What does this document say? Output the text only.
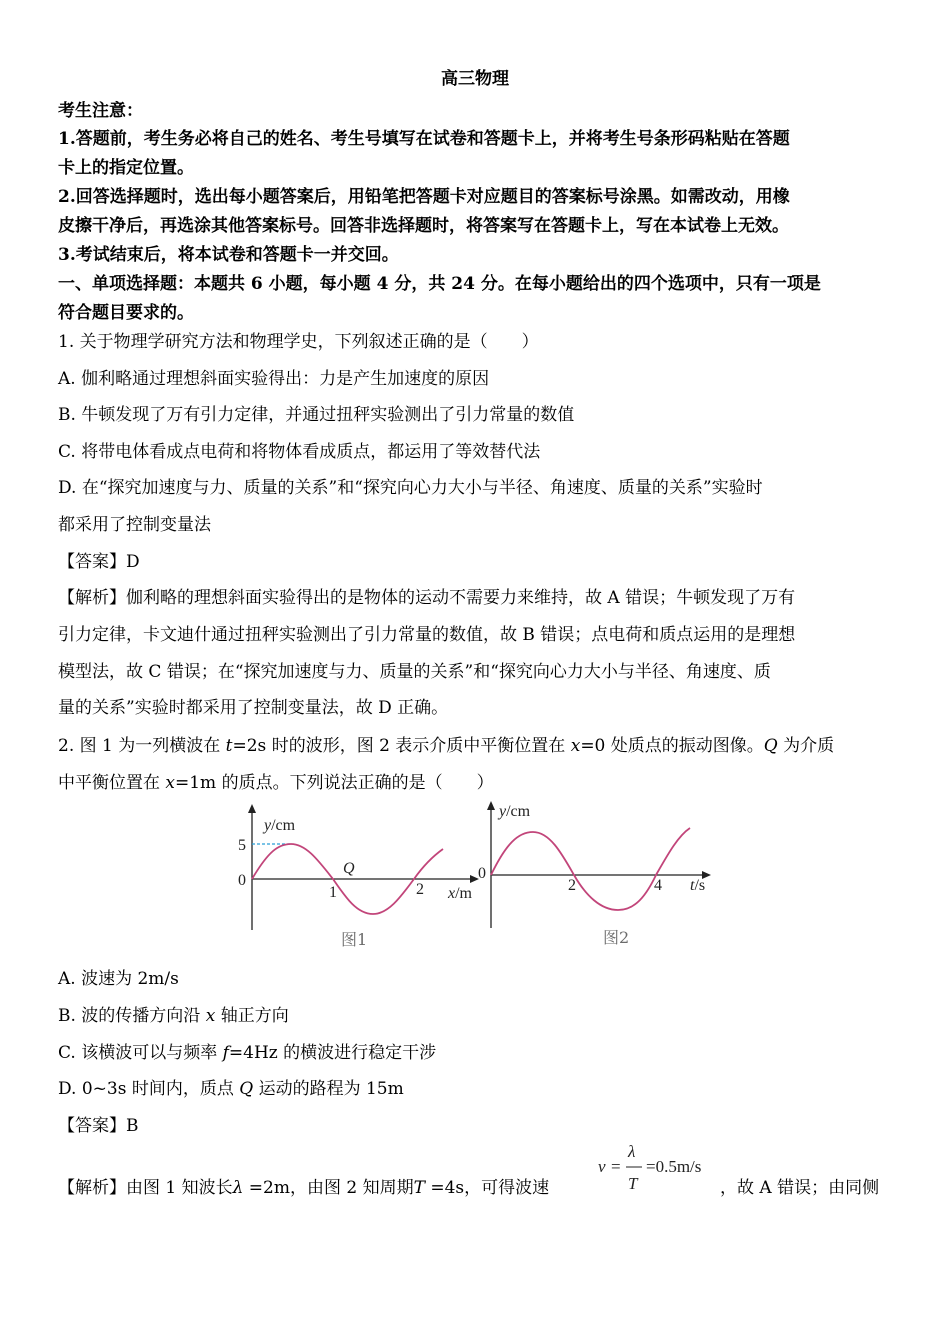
高三物理
考生注意：
1.答题前，考生务必将自己的姓名、考生号填写在试卷和答题卡上，并将考生号条形码粘贴在答题
卡上的指定位置。
2.回答选择题时，选出每小题答案后，用铅笔把答题卡对应题目的答案标号涂黑。如需改动，用橡
皮擦干净后，再选涂其他答案标号。回答非选择题时，将答案写在答题卡上，写在本试卷上无效。
3.考试结束后，将本试卷和答题卡一并交回。
一、单项选择题：本题共 6 小题，每小题 4 分，共 24 分。在每小题给出的四个选项中，只有一项是
符合题目要求的。
1. 关于物理学研究方法和物理学史，下列叙述正确的是（　　）
A. 伽利略通过理想斜面实验得出：力是产生加速度的原因
B. 牛顿发现了万有引力定律，并通过扭秤实验测出了引力常量的数值
C. 将带电体看成点电荷和将物体看成质点，都运用了等效替代法
D. 在“探究加速度与力、质量的关系”和“探究向心力大小与半径、角速度、质量的关系”实验时
都采用了控制变量法
【答案】D
【解析】伽利略的理想斜面实验得出的是物体的运动不需要力来维持，故 A 错误；牛顿发现了万有
引力定律，卡文迪什通过扭秤实验测出了引力常量的数值，故 B 错误；点电荷和质点运用的是理想
模型法，故 C 错误；在“探究加速度与力、质量的关系”和“探究向心力大小与半径、角速度、质
量的关系”实验时都采用了控制变量法，故 D 正确。
2. 图 1 为一列横波在 t=2s 时的波形，图 2 表示介质中平衡位置在 x=0 处质点的振动图像。Q 为介质
中平衡位置在 x=1m 的质点。下列说法正确的是（　　）
y/cm
5
0
1	2
Q
x/m
图1
y/cm
0
2	4 t/s
图2
A. 波速为 2m/s
B. 波的传播方向沿 x 轴正方向
C. 该横波可以与频率 f=4Hz 的横波进行稳定干涉
D. 0~3s 时间内，质点 Q 运动的路程为 15m
【答案】B
【解析】由图 1 知波长λ =2m，由图 2 知周期T =4s，可得波速
v =
λ
T
=0.5m/s
，故 A 错误；由同侧
